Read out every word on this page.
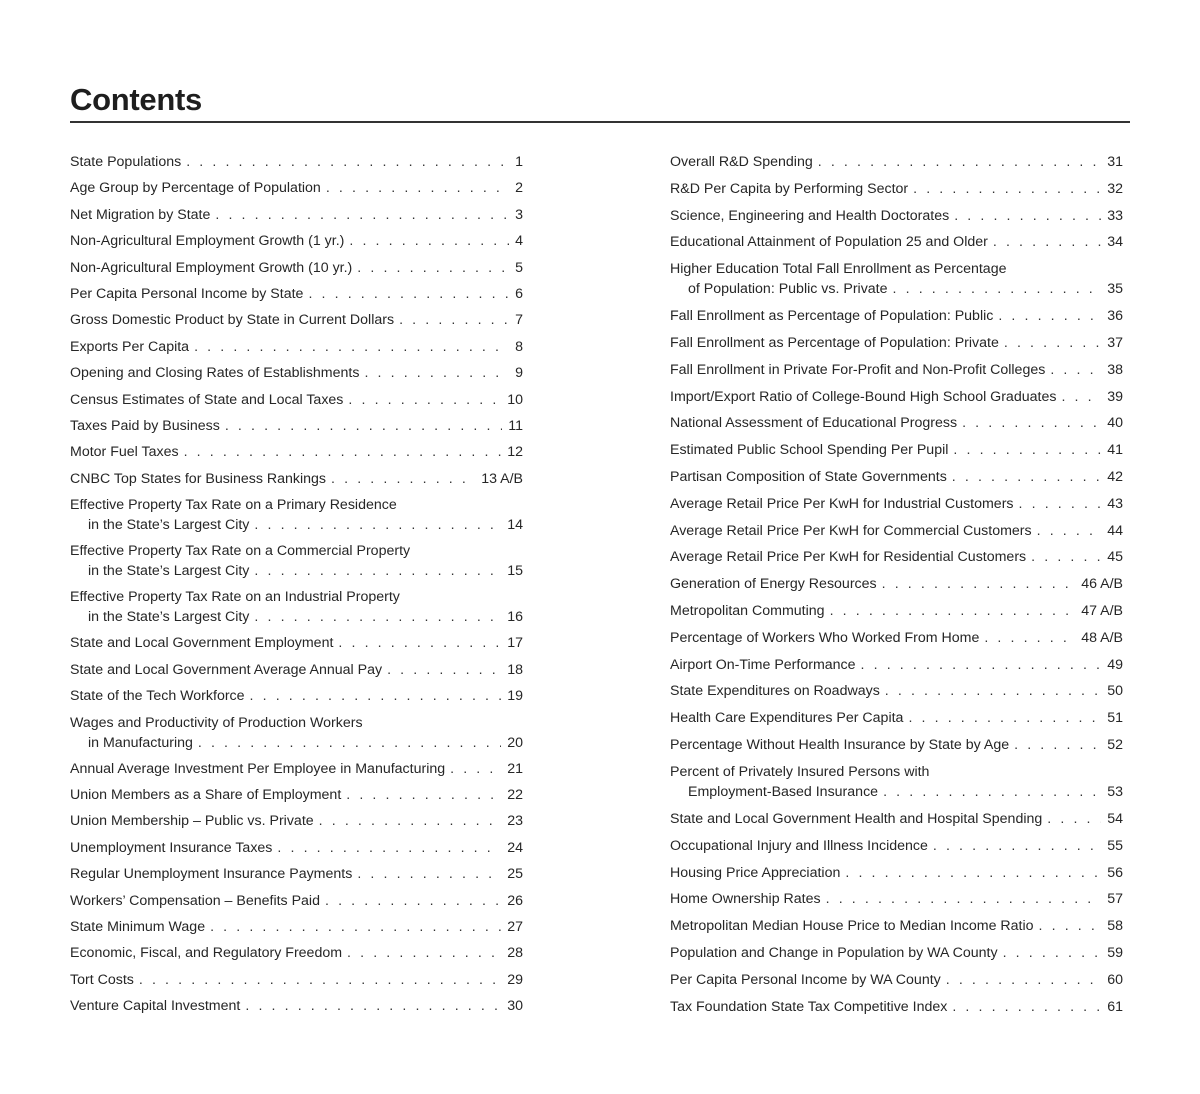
Contents
State Populations . . .	1
Age Group by Percentage of Population . . .	2
Net Migration by State . . .	3
Non-Agricultural Employment Growth (1 yr.) . . .	4
Non-Agricultural Employment Growth (10 yr.) . . .	5
Per Capita Personal Income by State . . .	6
Gross Domestic Product by State in Current Dollars . . .	7
Exports Per Capita . . .	8
Opening and Closing Rates of Establishments . . .	9
Census Estimates of State and Local Taxes . . .	10
Taxes Paid by Business . . .	11
Motor Fuel Taxes . . .	12
CNBC Top States for Business Rankings . . .	13 A/B
Effective Property Tax Rate on a Primary Residence
in the State’s Largest City . . .	14
Effective Property Tax Rate on a Commercial Property
in the State’s Largest City . . .	15
Effective Property Tax Rate on an Industrial Property
in the State’s Largest City . . .	16
State and Local Government Employment . . .	17
State and Local Government Average Annual Pay . . .	18
State of the Tech Workforce . . .	19
Wages and Productivity of Production Workers
in Manufacturing . . .	20
Annual Average Investment Per Employee in Manufacturing . . .	21
Union Members as a Share of Employment . . .	22
Union Membership – Public vs. Private . . .	23
Unemployment Insurance Taxes . . .	24
Regular Unemployment Insurance Payments . . .	25
Workers’ Compensation – Benefits Paid . . .	26
State Minimum Wage . . .	27
Economic, Fiscal, and Regulatory Freedom . . .	28
Tort Costs . . .	29
Venture Capital Investment . . .	30
Overall R&D Spending . . .	31
R&D Per Capita by Performing Sector . . .	32
Science, Engineering and Health Doctorates . . .	33
Educational Attainment of Population 25 and Older . . .	34
Higher Education Total Fall Enrollment as Percentage
of Population: Public vs. Private . . .	35
Fall Enrollment as Percentage of Population: Public . . .	36
Fall Enrollment as Percentage of Population: Private . . .	37
Fall Enrollment in Private For-Profit and Non-Profit Colleges . . .	38
Import/Export Ratio of College-Bound High School Graduates . . .	39
National Assessment of Educational Progress . . .	40
Estimated Public School Spending Per Pupil . . .	41
Partisan Composition of State Governments . . .	42
Average Retail Price Per KwH for Industrial Customers . . .	43
Average Retail Price Per KwH for Commercial Customers . . .	44
Average Retail Price Per KwH for Residential Customers . . .	45
Generation of Energy Resources . . .	46 A/B
Metropolitan Commuting . . .	47 A/B
Percentage of Workers Who Worked From Home . . .	48 A/B
Airport On-Time Performance . . .	49
State Expenditures on Roadways . . .	50
Health Care Expenditures Per Capita . . .	51
Percentage Without Health Insurance by State by Age . . .	52
Percent of Privately Insured Persons with
Employment-Based Insurance . . .	53
State and Local Government Health and Hospital Spending . . .	54
Occupational Injury and Illness Incidence . . .	55
Housing Price Appreciation . . .	56
Home Ownership Rates . . .	57
Metropolitan Median House Price to Median Income Ratio . . .	58
Population and Change in Population by WA County . . .	59
Per Capita Personal Income by WA County . . .	60
Tax Foundation State Tax Competitive Index . . .	61
